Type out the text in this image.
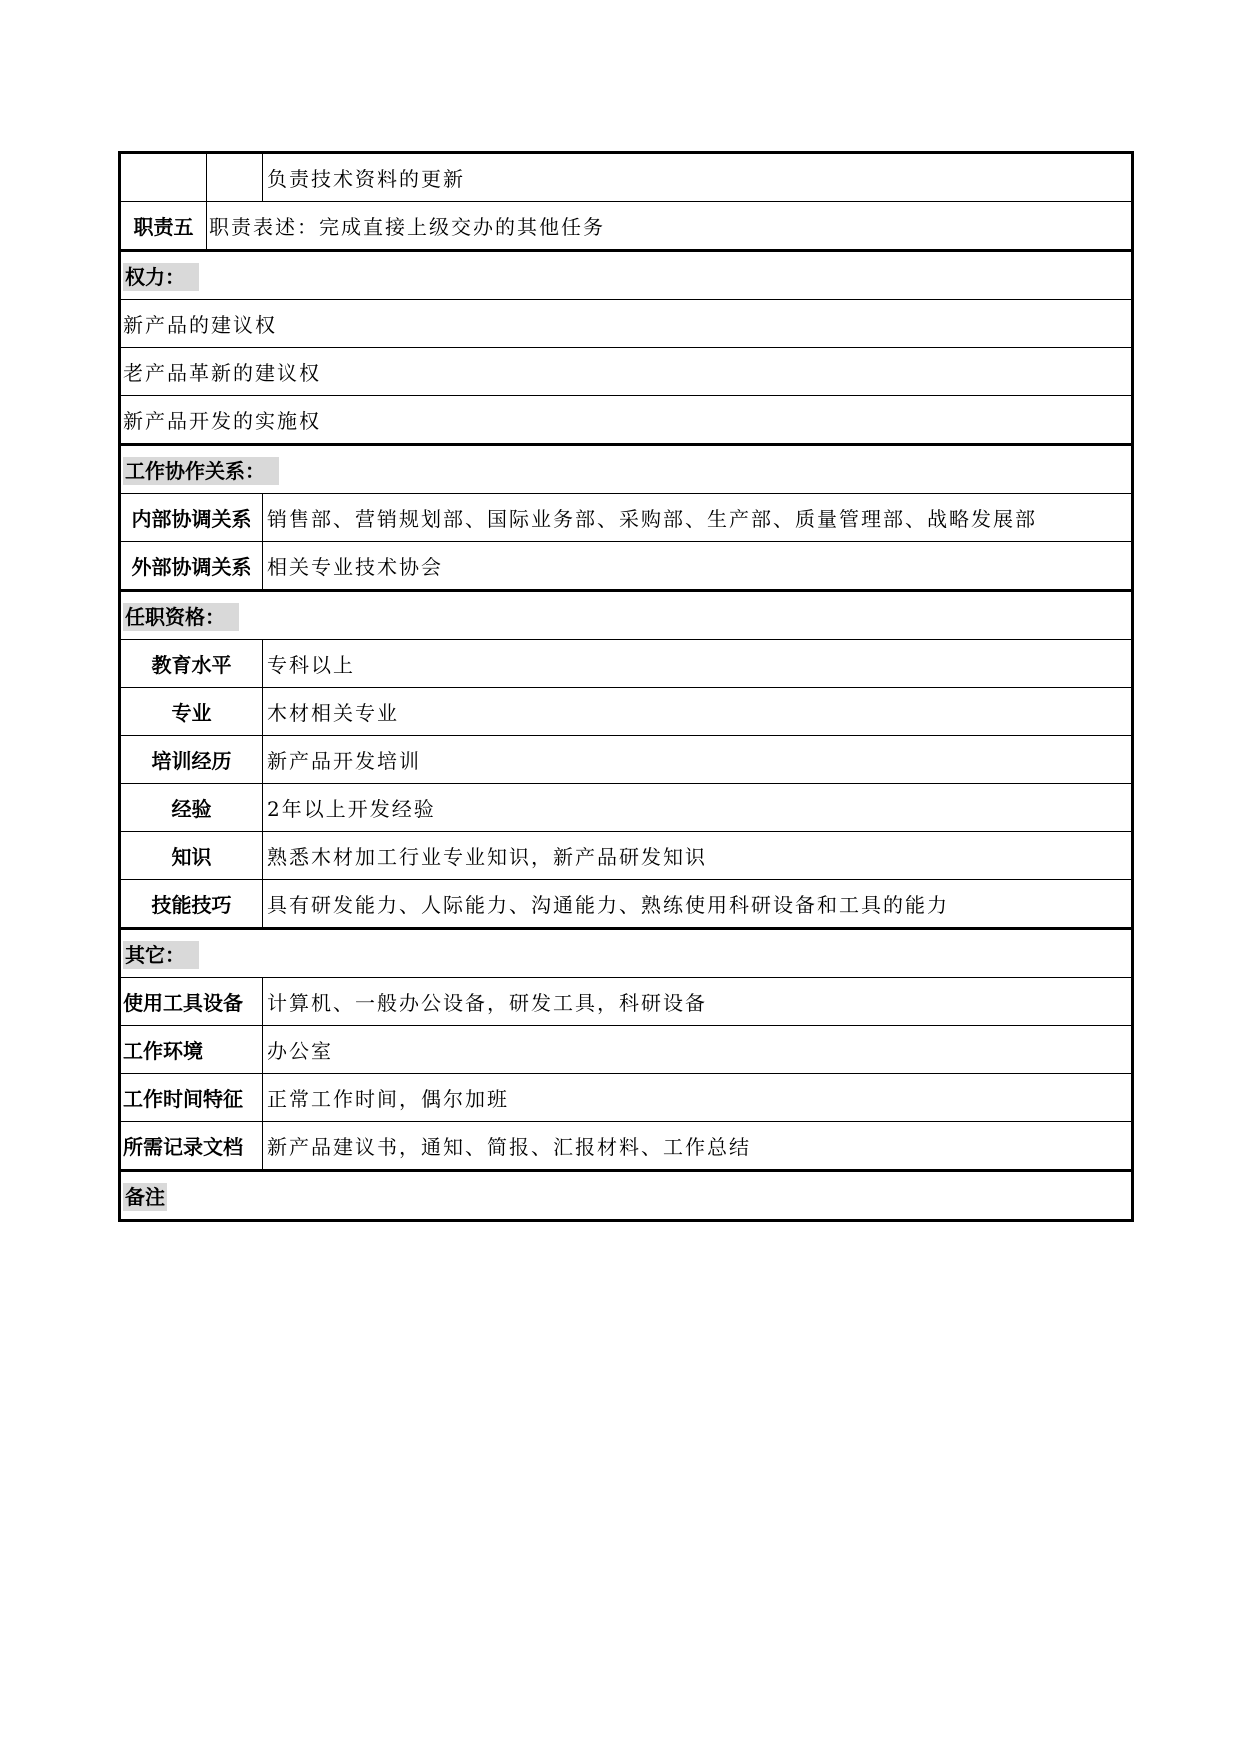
		负责技术资料的更新
职责五	职责表述：完成直接上级交办的其他任务	
权力：		
新产品的建议权		
老产品革新的建议权		
新产品开发的实施权		
工作协作关系：		
内部协调关系		销售部、营销规划部、国际业务部、采购部、生产部、质量管理部、战略发展部
外部协调关系		相关专业技术协会
任职资格：		
教育水平		专科以上
专业		木材相关专业
培训经历		新产品开发培训
经验		2年以上开发经验
知识		熟悉木材加工行业专业知识，新产品研发知识
技能技巧		具有研发能力、人际能力、沟通能力、熟练使用科研设备和工具的能力
其它：		
使用工具设备		计算机、一般办公设备，研发工具，科研设备
工作环境		办公室
工作时间特征		正常工作时间，偶尔加班
所需记录文档		新产品建议书，通知、简报、汇报材料、工作总结
备注		
